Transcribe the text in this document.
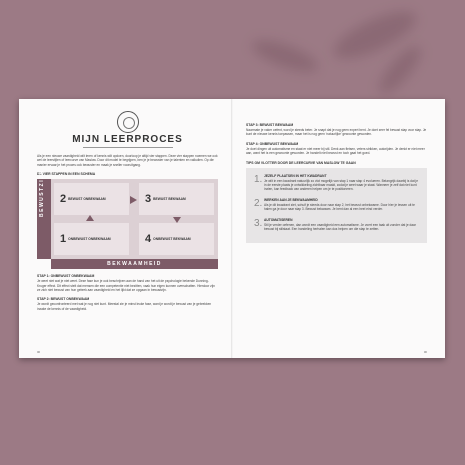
MIJN LEERPROCES

Als je een nieuwe vaardigheid wilt leren of kennis wilt opdoen, doorloop je altijd vier stappen. Deze vier stappen noemen we ook wel de leerstijlen of leercurve van Maslow. Door dit model te begrijpen, ben je je bewuster van je talenten en valkuilen. Op die manier ervaar je het proces ook bewuster en maak je sneller vooruitgang.

DE VIER STAPPEN IN EEN SCHEMA
BEWUSTZIJN 2 BEWUST ONBEKWAAM	3 BEWUST BEKWAAM
1 ONBEWUST ONBEKWAAM	4 ONBEWUST BEKWAAM
BEKWAAMHEID
STAP 1: ONBEWUST ONBEKWAAM

Je weet niet wat je niet weet. Deze fase kun je ook beschrijven aan de hand van het uit de psychologie bekende Dunning-Kruger effect. Dit effect stelt dat mensen die een competentie niet bezitten, vaak hun eigen kunnen overschatten. Hierdoor zijn ze zich niet bewust van hun gebrek aan vaardigheid en het lijkt dat ze opgaan in bewustzijn.

STAP 2: BEWUST ONBEKWAAM

Je wordt geconfronteerd met wat je nog niet kunt. Meestal zie je minst leuke fase, want je wordt je bewust van je gebrekken inzake de kennis of de vaardigheid.

00
STAP 3: BEWUST BEKWAAM

Naarmate je vaker oefent, word je steeds beter. Je snapt dat je nog geen expert bent. Je doet zeer fel bewust stap voor stap. Je kunt de nieuwe kennis toepassen, maar het is nog geen 'natuurlijke' gewoonte geworden.

STAP 4: ONBEWUST BEKWAAM

Je doet dingen uit automatisme en staat er niet meer bij stil. Denk aan fietsen, veters strikken, autorijden. Je denkt er niet meer aan, want het is een gewoonte geworden. Je handelt niet bewust en toch gaat het goed.

TIPS OM VLOTTER DOOR DE LEERCURVE VAN MASLOW TE GAAN
1. JEZELF PLAATSEN IN HET KWADRANT

Je wilt in een kwadrant natuurlijk zo vlot mogelijk van stap 1 naar stap 4 evolueren. Belangrijk daarbij is dat je in de eerste plaats je ontwikkeling zichtbaar maakt, zodat je weet waar je staat. Wanneer je zelf dat niet kunt inzien, kan feedback van anderen helpen om je te positioneren.

2. WERKEN AAN JE BEKWAAMHEID

Als je dit kwadrant ziet, schuif je steeds door naar stap 2, het bewust onbekwame. Door hier je lessen uit te halen ga je door naar stap 3. Bewust bekwaam. Je bent dan al een heel eind verder.

3. AUTOMATISEREN

Stil je verder oefenen, dan wordt een vaardigheid een automatisme. Je voert een taak uit zonder dat je daar bewust bij stilstaat. Een handeling herhalen kan dus helpen om die stap te zetten.

00
